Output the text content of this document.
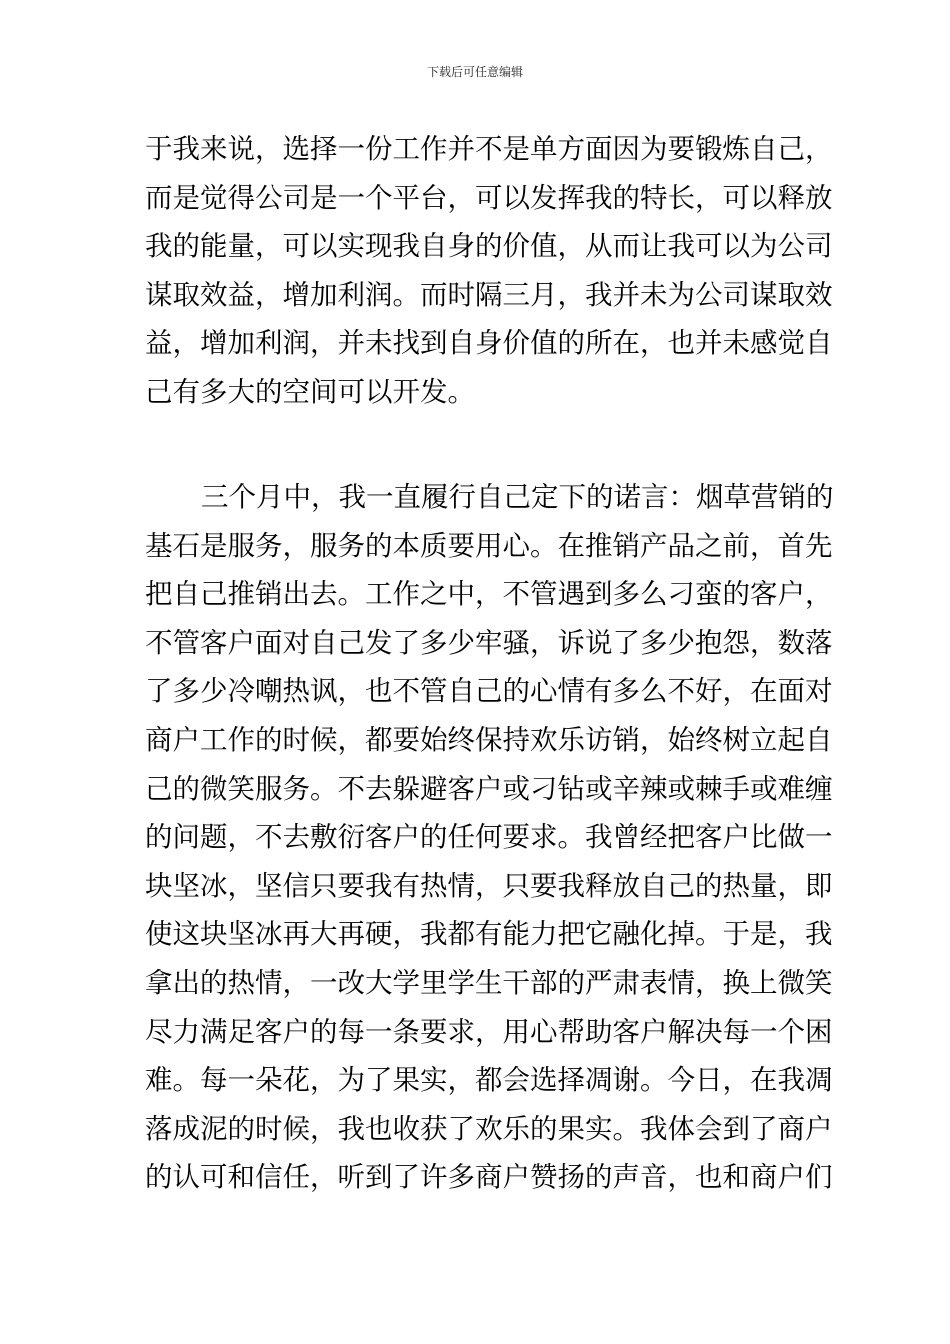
下载后可任意编辑
于我来说，选择一份工作并不是单方面因为要锻炼自己，
而是觉得公司是一个平台，可以发挥我的特长，可以释放
我的能量，可以实现我自身的价值，从而让我可以为公司
谋取效益，增加利润。而时隔三月，我并未为公司谋取效
益，增加利润，并未找到自身价值的所在，也并未感觉自
己有多大的空间可以开发。
三个月中，我一直履行自己定下的诺言：烟草营销的
基石是服务，服务的本质要用心。在推销产品之前，首先
把自己推销出去。工作之中，不管遇到多么刁蛮的客户，
不管客户面对自己发了多少牢骚，诉说了多少抱怨，数落
了多少冷嘲热讽，也不管自己的心情有多么不好，在面对
商户工作的时候，都要始终保持欢乐访销，始终树立起自
己的微笑服务。不去躲避客户或刁钻或辛辣或棘手或难缠
的问题，不去敷衍客户的任何要求。我曾经把客户比做一
块坚冰，坚信只要我有热情，只要我释放自己的热量，即
使这块坚冰再大再硬，我都有能力把它融化掉。于是，我
拿出的热情，一改大学里学生干部的严肃表情，换上微笑
尽力满足客户的每一条要求，用心帮助客户解决每一个困
难。每一朵花，为了果实，都会选择凋谢。今日，在我凋
落成泥的时候，我也收获了欢乐的果实。我体会到了商户
的认可和信任，听到了许多商户赞扬的声音，也和商户们
